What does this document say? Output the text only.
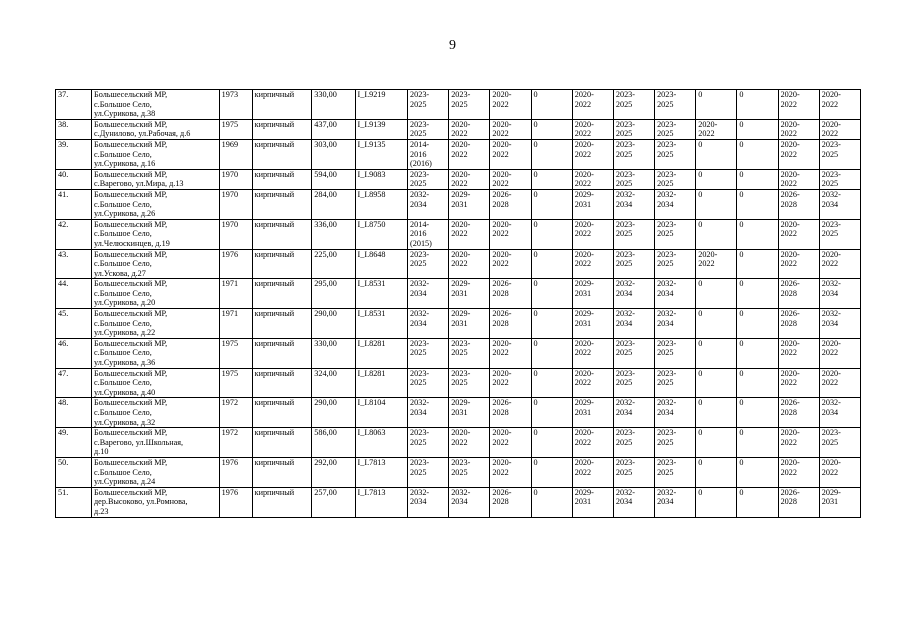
9
37.	Большесельский МР,
с.Большое Село,
ул.Сурикова, д.38	1973	кирпичный	330,00	I_I.9219	2023-
2025	2023-
2025	2020-
2022	0	2020-
2022	2023-
2025	2023-
2025	0	0	2020-
2022	2020-
2022

38.	Большесельский МР,
с.Дунилово, ул.Рабочая, д.6	1975	кирпичный	437,00	I_I.9139	2023-
2025	2020-
2022	2020-
2022	0	2020-
2022	2023-
2025	2023-
2025	2020-
2022	0	2020-
2022	2020-
2022

39.	Большесельский МР,
с.Большое Село,
ул.Сурикова, д.16	1969	кирпичный	303,00	I_I.9135	2014-
2016
(2016)	2020-
2022	2020-
2022	0	2020-
2022	2023-
2025	2023-
2025	0	0	2020-
2022	2023-
2025

40.	Большесельский МР,
с.Варегово, ул.Мира, д.13	1970	кирпичный	594,00	I_I.9083	2023-
2025	2020-
2022	2020-
2022	0	2020-
2022	2023-
2025	2023-
2025	0	0	2020-
2022	2023-
2025

41.	Большесельский МР,
с.Большое Село,
ул.Сурикова, д.26	1970	кирпичный	284,00	I_I.8958	2032-
2034	2029-
2031	2026-
2028	0	2029-
2031	2032-
2034	2032-
2034	0	0	2026-
2028	2032-
2034

42.	Большесельский МР,
с.Большое Село,
ул.Челюскинцев, д.19	1970	кирпичный	336,00	I_I.8750	2014-
2016
(2015)	2020-
2022	2020-
2022	0	2020-
2022	2023-
2025	2023-
2025	0	0	2020-
2022	2023-
2025

43.	Большесельский МР,
с.Большое Село,
ул.Ускова, д.27	1976	кирпичный	225,00	I_I.8648	2023-
2025	2020-
2022	2020-
2022	0	2020-
2022	2023-
2025	2023-
2025	2020-
2022	0	2020-
2022	2020-
2022

44.	Большесельский МР,
с.Большое Село,
ул.Сурикова, д.20	1971	кирпичный	295,00	I_I.8531	2032-
2034	2029-
2031	2026-
2028	0	2029-
2031	2032-
2034	2032-
2034	0	0	2026-
2028	2032-
2034

45.	Большесельский МР,
с.Большое Село,
ул.Сурикова, д.22	1971	кирпичный	290,00	I_I.8531	2032-
2034	2029-
2031	2026-
2028	0	2029-
2031	2032-
2034	2032-
2034	0	0	2026-
2028	2032-
2034

46.	Большесельский МР,
с.Большое Село,
ул.Сурикова, д.36	1975	кирпичный	330,00	I_I.8281	2023-
2025	2023-
2025	2020-
2022	0	2020-
2022	2023-
2025	2023-
2025	0	0	2020-
2022	2020-
2022

47.	Большесельский МР,
с.Большое Село,
ул.Сурикова, д.40	1975	кирпичный	324,00	I_I.8281	2023-
2025	2023-
2025	2020-
2022	0	2020-
2022	2023-
2025	2023-
2025	0	0	2020-
2022	2020-
2022

48.	Большесельский МР,
с.Большое Село,
ул.Сурикова, д.32	1972	кирпичный	290,00	I_I.8104	2032-
2034	2029-
2031	2026-
2028	0	2029-
2031	2032-
2034	2032-
2034	0	0	2026-
2028	2032-
2034

49.	Большесельский МР,
с.Варегово, ул.Школьная,
д.10	1972	кирпичный	586,00	I_I.8063	2023-
2025	2020-
2022	2020-
2022	0	2020-
2022	2023-
2025	2023-
2025	0	0	2020-
2022	2023-
2025

50.	Большесельский МР,
с.Большое Село,
ул.Сурикова, д.24	1976	кирпичный	292,00	I_I.7813	2023-
2025	2023-
2025	2020-
2022	0	2020-
2022	2023-
2025	2023-
2025	0	0	2020-
2022	2020-
2022

51.	Большесельский МР,
дер.Высоково, ул.Ромнова,
д.23	1976	кирпичный	257,00	I_I.7813	2032-
2034	2032-
2034	2026-
2028	0	2029-
2031	2032-
2034	2032-
2034	0	0	2026-
2028	2029-
2031
